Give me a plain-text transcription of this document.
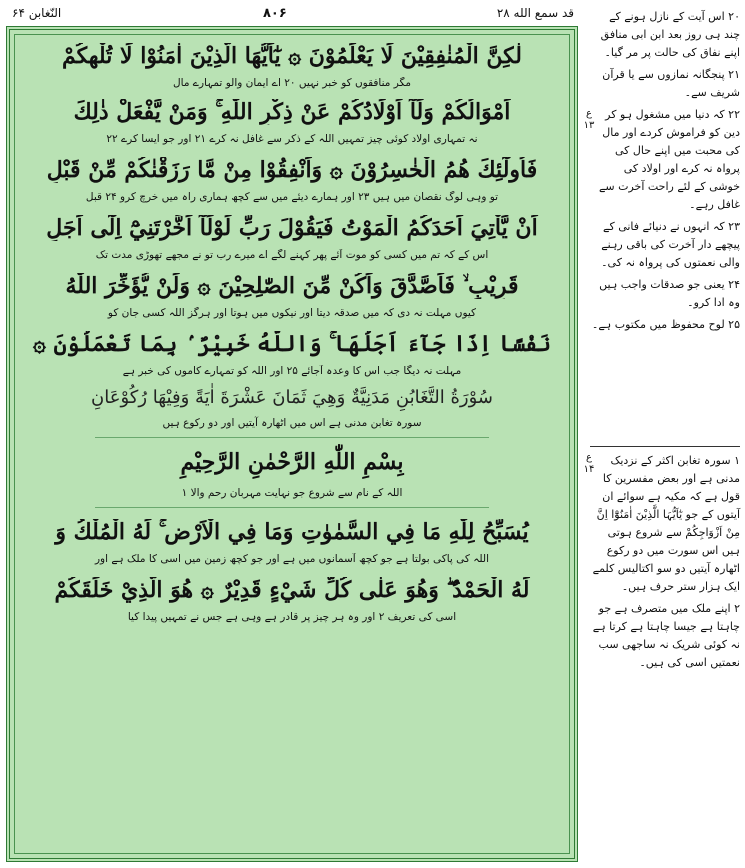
النّغابن ۶۴	۸۰۶	قد سمع الله ۲۸
لٰكِنَّ الْمُنٰفِقِيْنَ لَا يَعْلَمُوْنَ ۞ يٰٓاَيُّهَا الَّذِيْنَ اٰمَنُوْا لَا تُلْهِكُمْ
مگر منافقوں کو خبر نہیں ۲۰ اے ایمان والو تمہارے مال
اَمْوَالُكُمْ وَلَآ اَوْلَادُكُمْ عَنْ ذِكْرِ اللّٰهِ ۚ وَمَنْ يَّفْعَلْ ذٰلِكَ
نہ تمہاری اولاد کوئی چیز تمہیں اللہ کے ذکر سے غافل نہ کرے ۲۱ اور جو ایسا کرے ۲۲
فَاُولٰٓئِكَ هُمُ الْخٰسِرُوْنَ ۞ وَاَنْفِقُوْا مِنْ مَّا رَزَقْنٰكُمْ مِّنْ قَبْلِ
تو وہی لوگ نقصان میں ہیں ۲۳ اور ہمارے دیئے میں سے کچھ ہماری راہ میں خرچ کرو ۲۴ قبل
اَنْ يَّاْتِيَ اَحَدَكُمُ الْمَوْتُ فَيَقُوْلَ رَبِّ لَوْلَآ اَخَّرْتَنِيْٓ اِلٰٓى اَجَلٍ
اس کے کہ تم میں کسی کو موت آئے پھر کہنے لگے اے میرے رب تو نے مجھے تھوڑی مدت تک
قَرِيْبٍ ۙ فَاَصَّدَّقَ وَاَكُنْ مِّنَ الصّٰلِحِيْنَ ۞ وَلَنْ يُّؤَخِّرَ اللّٰهُ
کیوں مہلت نہ دی کہ میں صدقہ دیتا اور نیکوں میں ہوتا اور ہرگز اللہ کسی جان کو
نَفْسًا اِذَا جَآءَ اَجَلُهَا ۚ وَاللّٰهُ خَبِيْرٌ ۢ بِمَا تَعْمَلُوْنَ ۞
مہلت نہ دیگا جب اس کا وعدہ آجائے ۲۵ اور اللہ کو تمہارے کاموں کی خبر ہے
سُوْرَةُ التَّغَابُنِ مَدَنِيَّةٌ وَهِيَ ثَمَانَ عَشْرَةَ اٰيَةً وَفِيْهَا رُكُوْعَانِ
سورہ تغابن مدنی ہے اس میں اٹھارہ آیتیں اور دو رکوع ہیں
بِسْمِ اللّٰهِ الرَّحْمٰنِ الرَّحِيْمِ
اللہ کے نام سے شروع جو نہایت مہربان رحم والا ۱
يُسَبِّحُ لِلّٰهِ مَا فِي السَّمٰوٰتِ وَمَا فِي الْاَرْضِ ۚ لَهُ الْمُلْكُ وَ
اللہ کی پاکی بولتا ہے جو کچھ آسمانوں میں ہے اور جو کچھ زمین میں اسی کا ملک ہے اور
لَهُ الْحَمْدُ ۖ وَهُوَ عَلٰى كُلِّ شَيْءٍ قَدِيْرٌ ۞ هُوَ الَّذِيْ خَلَقَكُمْ
اسی کی تعریف ۲ اور وہ ہر چیز پر قادر ہے وہی ہے جس نے تمہیں پیدا کیا
ع ۱۳
ع ۱۴

۲۰ اس آیت کے نازل ہونے کے چند ہی روز بعد ابن ابی منافق اپنے نفاق کی حالت پر مر گیا۔

۲۱ پنجگانہ نمازوں سے یا قرآن شریف سے۔

۲۲ کہ دنیا میں مشغول ہو کر دین کو فراموش کردے اور مال کی محبت میں اپنے حال کی پرواہ نہ کرے اور اولاد کی خوشی کے لئے راحت آخرت سے غافل رہے۔

۲۳ کہ انہوں نے دنیائے فانی کے پیچھے دار آخرت کی باقی رہنے والی نعمتوں کی پرواہ نہ کی۔

۲۴ یعنی جو صدقات واجب ہیں وہ ادا کرو۔

۲۵ لوح محفوظ میں مکتوب ہے۔

۱ سورہ تغابن اکثر کے نزدیک مدنی ہے اور بعض مفسرین کا قول ہے کہ مکیہ ہے سوائے ان آیتوں کے جو یٰٓاَیُّہَا الَّذِیْنَ اٰمَنُوْٓا اِنَّ مِنْ اَزْوَاجِکُمْ سے شروع ہوتی ہیں اس سورت میں دو رکوع اٹھارہ آیتیں دو سو اکتالیس کلمے ایک ہزار ستر حرف ہیں۔

۲ اپنے ملک میں متصرف ہے جو چاہتا ہے جیسا چاہتا ہے کرتا ہے نہ کوئی شریک نہ ساجھی سب نعمتیں اسی کی ہیں۔
